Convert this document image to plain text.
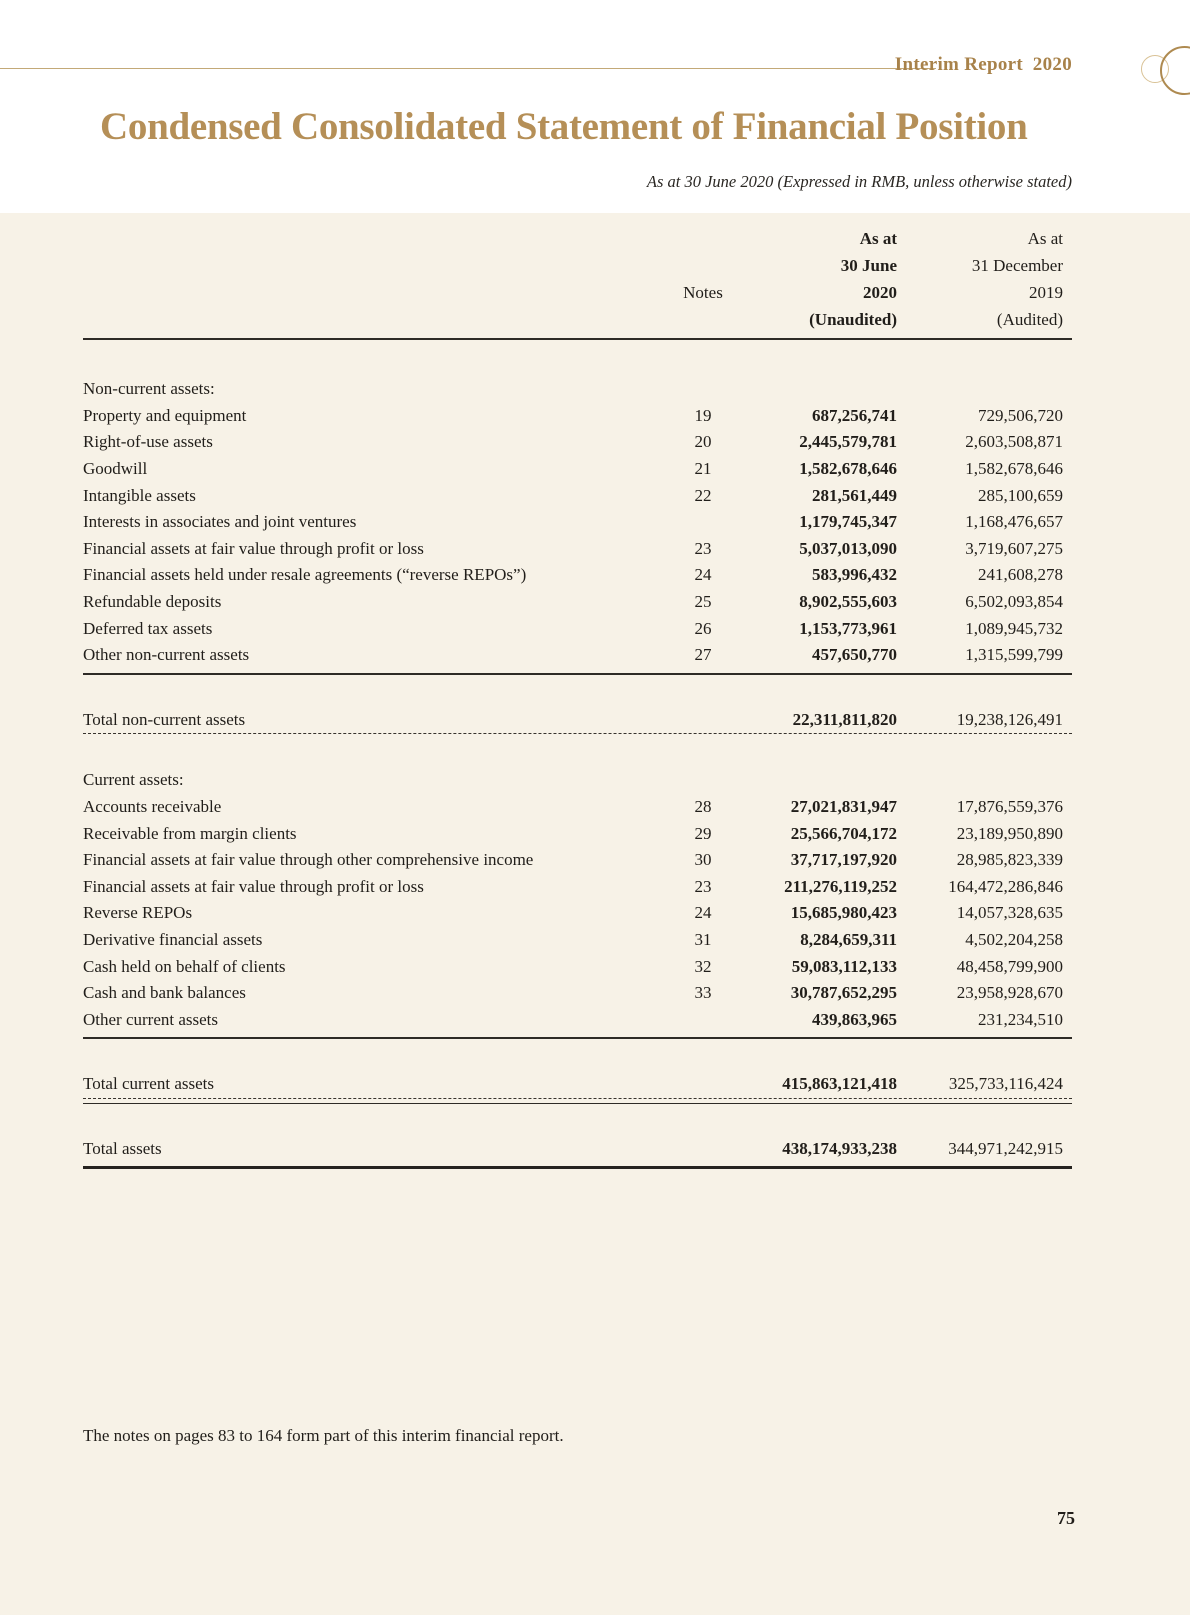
Interim Report 2020
Condensed Consolidated Statement of Financial Position
As at 30 June 2020 (Expressed in RMB, unless otherwise stated)
As at	As at
30 June	31 December
Notes	2020	2019
(Unaudited)	(Audited)
Non-current assets:
Property and equipment	19	687,256,741	729,506,720
Right-of-use assets	20	2,445,579,781	2,603,508,871
Goodwill	21	1,582,678,646	1,582,678,646
Intangible assets	22	281,561,449	285,100,659
Interests in associates and joint ventures	1,179,745,347	1,168,476,657
Financial assets at fair value through profit or loss	23	5,037,013,090	3,719,607,275
Financial assets held under resale agreements (“reverse REPOs”)	24	583,996,432	241,608,278
Refundable deposits	25	8,902,555,603	6,502,093,854
Deferred tax assets	26	1,153,773,961	1,089,945,732
Other non-current assets	27	457,650,770	1,315,599,799
Total non-current assets	22,311,811,820	19,238,126,491
Current assets:
Accounts receivable	28	27,021,831,947	17,876,559,376
Receivable from margin clients	29	25,566,704,172	23,189,950,890
Financial assets at fair value through other comprehensive income	30	37,717,197,920	28,985,823,339
Financial assets at fair value through profit or loss	23	211,276,119,252	164,472,286,846
Reverse REPOs	24	15,685,980,423	14,057,328,635
Derivative financial assets	31	8,284,659,311	4,502,204,258
Cash held on behalf of clients	32	59,083,112,133	48,458,799,900
Cash and bank balances	33	30,787,652,295	23,958,928,670
Other current assets	439,863,965	231,234,510
Total current assets	415,863,121,418	325,733,116,424
Total assets	438,174,933,238	344,971,242,915
The notes on pages 83 to 164 form part of this interim financial report.
75
